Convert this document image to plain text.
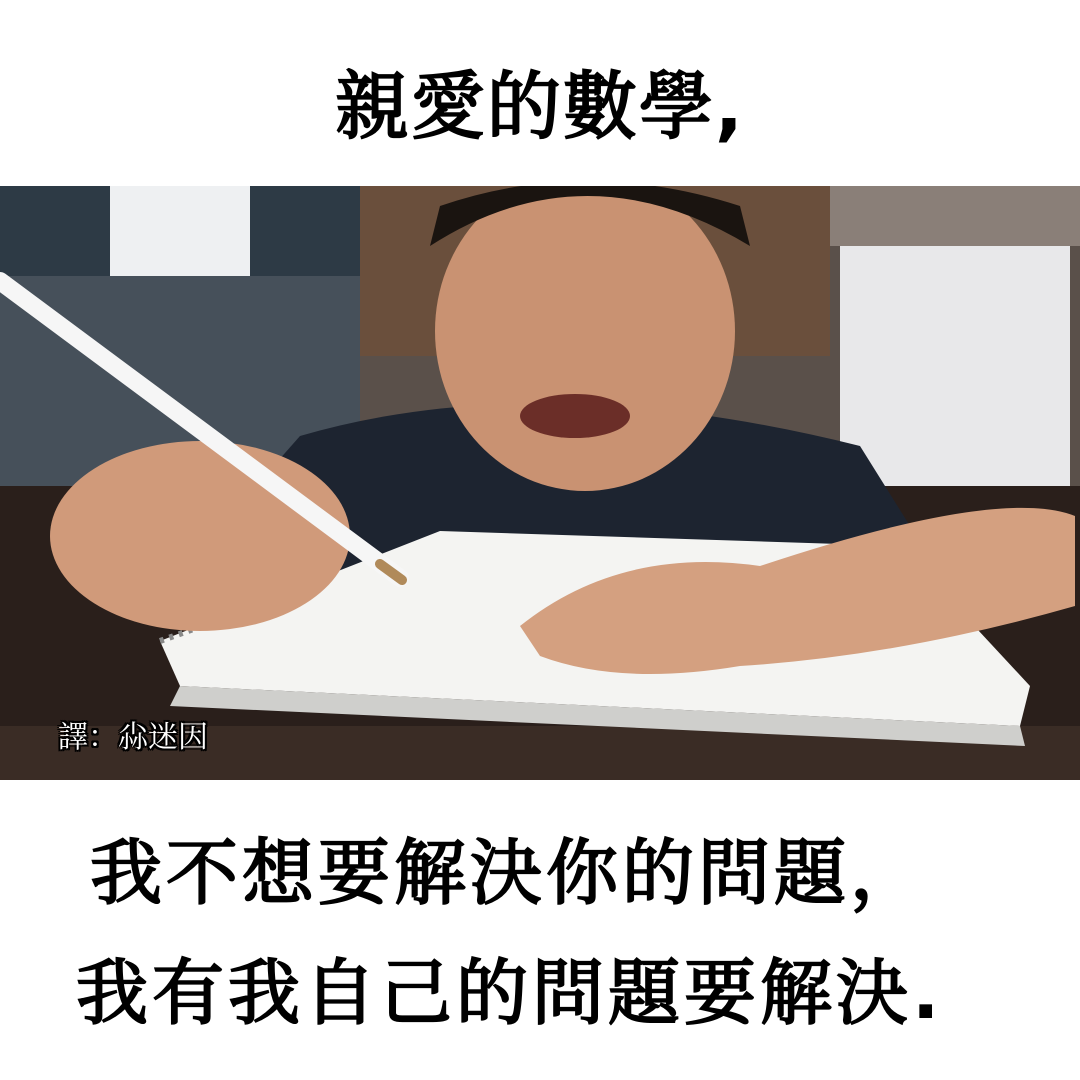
親愛的數學,
譯：尛迷因
我不想要解決你的問題，
我有我自己的問題要解決.
